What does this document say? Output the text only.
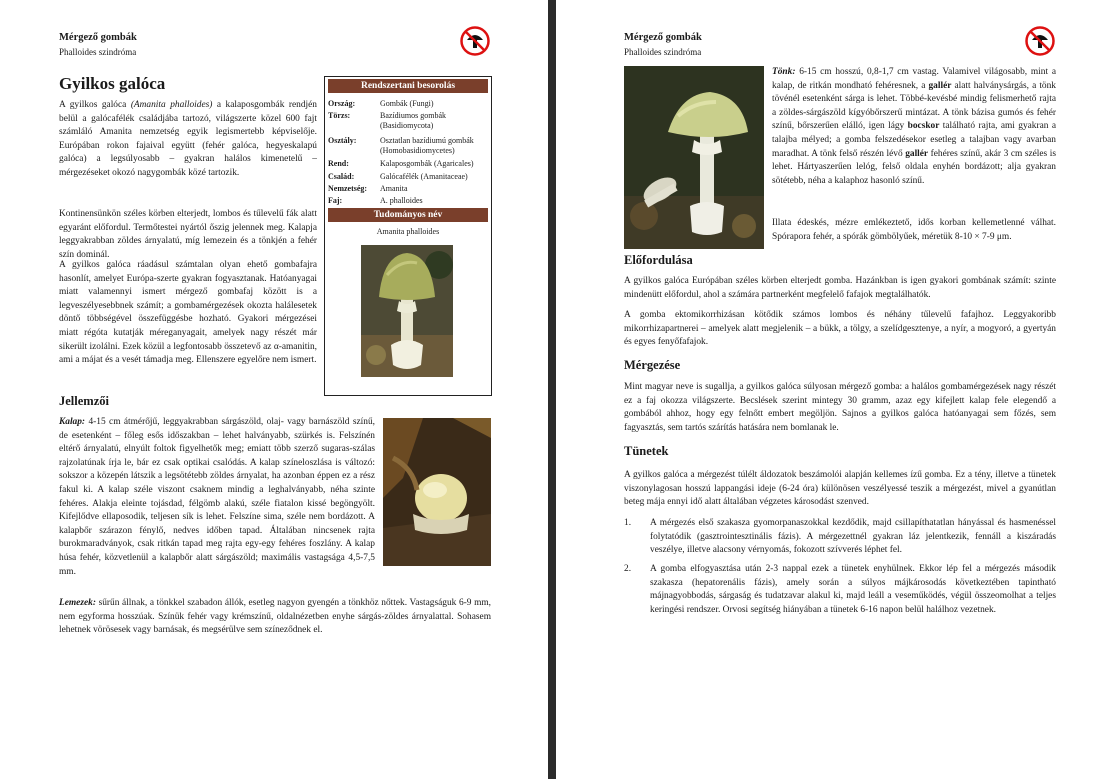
Mérgező gombák
Phalloides szindróma
Gyilkos galóca
A gyilkos galóca (Amanita phalloides) a kalaposgombák rendjén belül a galócafélék családjába tartozó, világszerte közel 600 fajt számláló Amanita nemzetség egyik legismertebb képviselője. Európában rokon fajaival együtt (fehér galóca, hegyeskalapú galóca) a legsúlyosabb – gyakran halálos kimenetelű – mérgezéseket okozó nagygombák közé tartozik.
Kontinensünkön széles körben elterjedt, lombos és tűlevelű fák alatt egyaránt előfordul. Termőtestei nyártól őszig jelennek meg. Kalapja leggyakrabban zöldes árnyalatú, míg lemezein és a tönkjén a fehér szín dominál.
A gyilkos galóca ráadásul számtalan olyan ehető gombafajra hasonlít, amelyet Európa-szerte gyakran fogyasztanak. Hatóanyagai miatt valamennyi ismert mérgező gombafaj között is a legveszélyesebbnek számít; a gombamérgezések okozta halálesetek döntő többségével összefüggésbe hozható. Gyakori mérgezései miatt régóta kutatják méreganyagait, amelyek nagy részét már sikerült izolálni. Ezek közül a legfontosabb összetevő az α-amanitin, ami a májat és a vesét támadja meg. Ellenszere egyelőre nem ismert.
Rendszertani besorolás
Ország:	Gombák (Fungi)
Törzs:	Bazídiumos gombák (Basidiomycota)
Osztály:	Osztatlan bazídiumú gombák (Homobasidiomycetes)
Rend:	Kalaposgombák (Agaricales)
Család:	Galócafélék (Amanitaceae)
Nemzetség: Amanita
Faj:	A. phalloides
Tudományos név
Amanita phalloides
Jellemzői
Kalap: 4-15 cm átmérőjű, leggyakrabban sárgászöld, olaj- vagy barnászöld színű, de esetenként – főleg esős időszakban – lehet halványabb, szürkés is. Felszínén eltérő árnyalatú, elnyúlt foltok figyelhetők meg; emiatt több szerző sugaras-szálas rajzolatúnak írja le, bár ez csak optikai csalódás. A kalap színeloszlása is változó: sokszor a közepén látszik a legsötétebb zöldes árnyalat, ha azonban éppen ez a rész fakul ki. A kalap széle viszont csaknem mindig a leghalványabb, néha szinte fehéres. Alakja eleinte tojásdad, félgömb alakú, széle fiatalon kissé begöngyölt. Kifejlődve ellaposodik, teljesen sík is lehet. Felszíne sima, széle nem bordázott. A kalapbőr szárazon fénylő, nedves időben tapad. Általában nincsenek rajta burokmaradványok, csak ritkán tapad meg rajta egy-egy fehéres foszlány. A kalap húsa fehér, közvetlenül a kalapbőr alatt sárgászöld; maximális vastagsága 4,5-7,5 mm.
Lemezek: sűrűn állnak, a tönkkel szabadon állók, esetleg nagyon gyengén a tönkhöz nőttek. Vastagságuk 6-9 mm, nem egyforma hosszúak. Színük fehér vagy krémszínű, oldalnézetben enyhe sárgás-zöldes árnyalattal. Sohasem lehetnek vörösesek vagy barnásak, és megsérülve sem színeződnek el.
Mérgező gombák
Phalloides szindróma
Tönk: 6-15 cm hosszú, 0,8-1,7 cm vastag. Valamivel világosabb, mint a kalap, de ritkán mondható fehéresnek, a gallér alatt halványsárgás, a tönk tövénél esetenként sárga is lehet. Többé-kevésbé mindig felismerhető rajta a zöldes-sárgászöld kígyóbőrszerű mintázat. A tönk bázisa gumós és fehér színű, bőrszerűen elálló, igen lágy bocskor található rajta, ami gyakran a talajba mélyed; a gomba felszedésekor esetleg a talajban vagy avarban maradhat. A tönk felső részén lévő gallér fehéres színű, akár 3 cm széles is lehet. Hártyaszerűen lelóg, felső oldala enyhén bordázott; alja gyakran sötétebb, néha a kalaphoz hasonló színű.
Illata édeskés, mézre emlékeztető, idős korban kellemetlenné válhat. Spórapora fehér, a spórák gömbölyűek, méretük 8-10 × 7-9 μm.
Előfordulása
A gyilkos galóca Európában széles körben elterjedt gomba. Hazánkban is igen gyakori gombának számít: szinte mindenütt előfordul, ahol a számára partnerként megfelelő fafajok megtalálhatók.
A gomba ektomikorrhizásan kötődik számos lombos és néhány tűlevelű fafajhoz. Leggyakoribb mikorrhizapartnerei – amelyek alatt megjelenik – a bükk, a tölgy, a szelídgesztenye, a nyír, a mogyoró, a gyertyán és egyes fenyőfafajok.
Mérgezése
Mint magyar neve is sugallja, a gyilkos galóca súlyosan mérgező gomba: a halálos gombamérgezések nagy részét ez a faj okozza világszerte. Becslések szerint mintegy 30 gramm, azaz egy kifejlett kalap fele elegendő a gombából ahhoz, hogy egy felnőtt embert megöljön. Sajnos a gyilkos galóca hatóanyagai sem főzés, sem fagyasztás, sem tartós szárítás hatására nem bomlanak le.
Tünetek
A gyilkos galóca a mérgezést túlélt áldozatok beszámolói alapján kellemes ízű gomba. Ez a tény, illetve a tünetek viszonylagosan hosszú lappangási ideje (6-24 óra) különösen veszélyessé teszik a mérgezést, mivel a gyanútlan beteg mája ennyi idő alatt általában végzetes károsodást szenved.
1. A mérgezés első szakasza gyomorpanaszokkal kezdődik, majd csillapíthatatlan hányással és hasmenéssel folytatódik (gasztrointesztinális fázis). A mérgezettnél gyakran láz jelentkezik, fennáll a kiszáradás veszélye, illetve alacsony vérnyomás, fokozott szívverés léphet fel.
2. A gomba elfogyasztása után 2-3 nappal ezek a tünetek enyhülnek. Ekkor lép fel a mérgezés második szakasza (hepatorenális fázis), amely során a súlyos májkárosodás következtében tapintható májnagyobbodás, sárgaság és tudatzavar alakul ki, majd leáll a veseműködés, végül összeomolhat a teljes keringési rendszer. Orvosi segítség hiányában a tünetek 6-16 napon belül halálhoz vezetnek.
